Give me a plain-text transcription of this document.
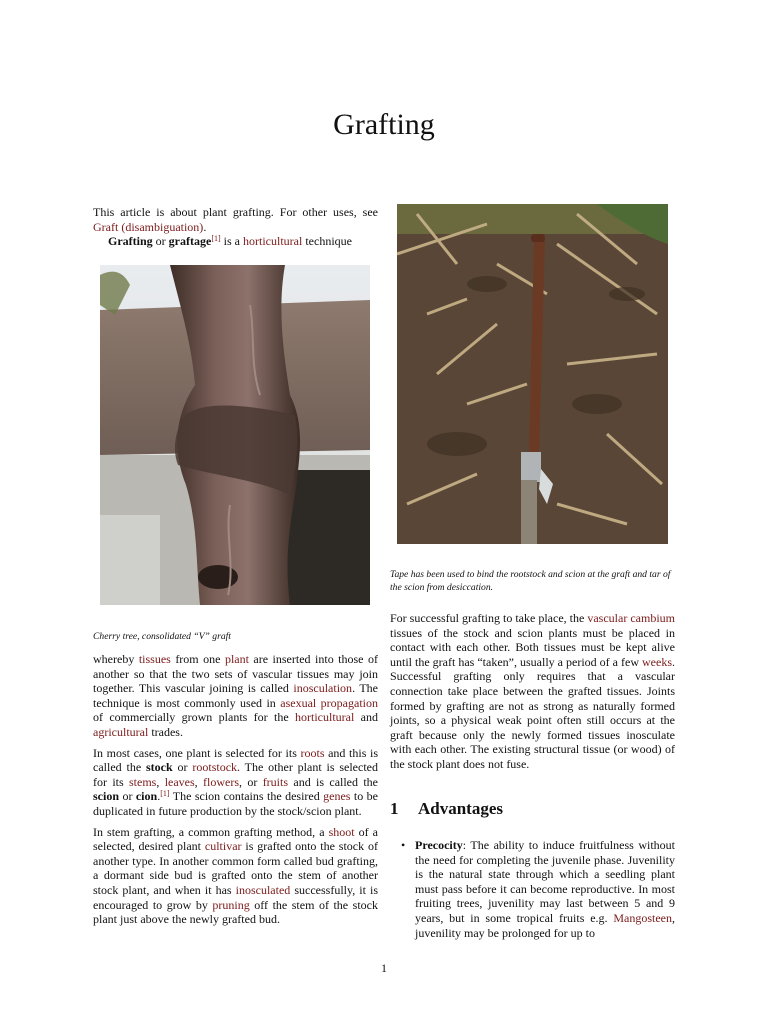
Grafting

This article is about plant grafting. For other uses, see Graft (disambiguation).

Grafting or graftage[1] is a horticultural technique

Cherry tree, consolidated “V” graft

whereby tissues from one plant are inserted into those of another so that the two sets of vascular tissues may join together. This vascular joining is called inosculation. The technique is most commonly used in asexual propagation of commercially grown plants for the horticultural and agricultural trades.

In most cases, one plant is selected for its roots and this is called the stock or rootstock. The other plant is selected for its stems, leaves, flowers, or fruits and is called the scion or cion.[1] The scion contains the desired genes to be duplicated in future production by the stock/scion plant.

In stem grafting, a common grafting method, a shoot of a selected, desired plant cultivar is grafted onto the stock of another type. In another common form called bud grafting, a dormant side bud is grafted onto the stem of another stock plant, and when it has inosculated successfully, it is encouraged to grow by pruning off the stem of the stock plant just above the newly grafted bud.

Tape has been used to bind the rootstock and scion at the graft and tar of the scion from desiccation.

For successful grafting to take place, the vascular cambium tissues of the stock and scion plants must be placed in contact with each other. Both tissues must be kept alive until the graft has “taken”, usually a period of a few weeks. Successful grafting only requires that a vascular connection take place between the grafted tissues. Joints formed by grafting are not as strong as naturally formed joints, so a physical weak point often still occurs at the graft because only the newly formed tissues inosculate with each other. The existing structural tissue (or wood) of the stock plant does not fuse.

1 Advantages
• Precocity: The ability to induce fruitfulness without the need for completing the juvenile phase. Juvenility is the natural state through which a seedling plant must pass before it can become reproductive. In most fruiting trees, juvenility may last between 5 and 9 years, but in some tropical fruits e.g. Mangosteen, juvenility may be prolonged for up to
1
